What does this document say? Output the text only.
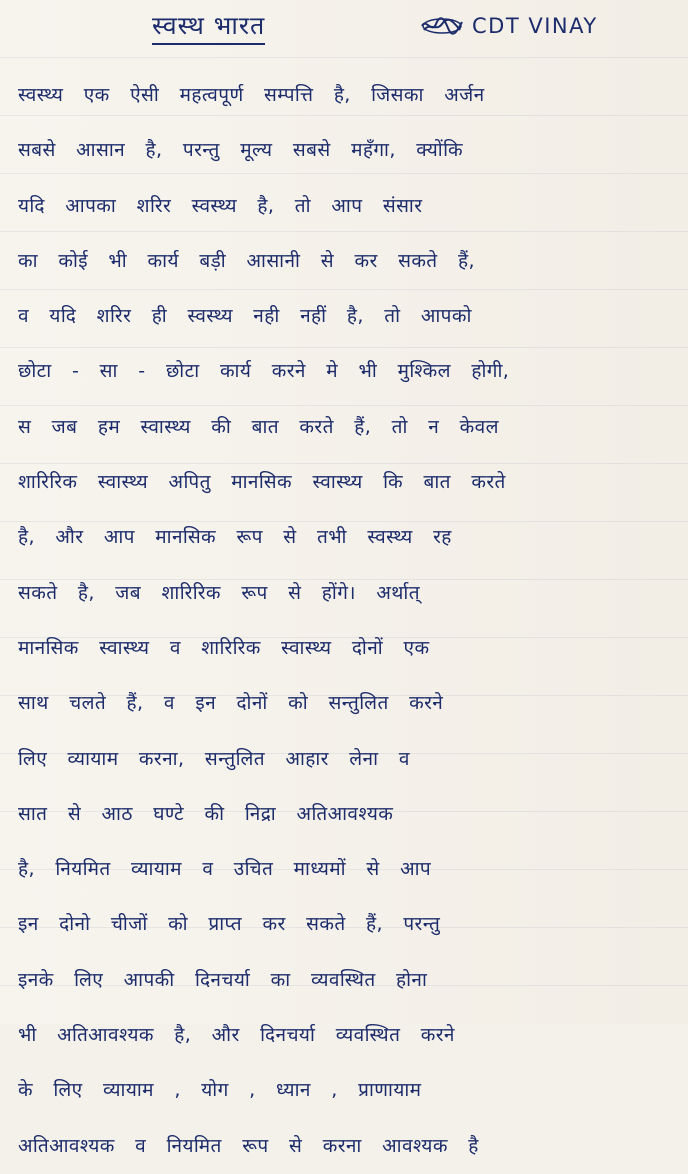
स्वस्थ भारत	CDT VINAY
स्वस्थ्य एक ऐसी महत्वपूर्ण सम्पत्ति है, जिसका अर्जन
सबसे आसान है, परन्तु मूल्य सबसे महँगा, क्योंकि
यदि आपका शरिर स्वस्थ्य है, तो आप संसार
का कोई भी कार्य बड़ी आसानी से कर सकते हैं,
व यदि शरिर ही स्वस्थ्य नही नहीं है, तो आपको
छोटा - सा - छोटा कार्य करने मे भी मुश्किल होगी,
स जब हम स्वास्थ्य की बात करते हैं, तो न केवल
शारिरिक स्वास्थ्य अपितु मानसिक स्वास्थ्य कि बात करते
है, और आप मानसिक रूप से तभी स्वस्थ्य रह
सकते है, जब शारिरिक रूप से होंगे। अर्थात्
मानसिक स्वास्थ्य व शारिरिक स्वास्थ्य दोनों एक
साथ चलते हैं, व इन दोनों को सन्तुलित करने
लिए व्यायाम करना, सन्तुलित आहार लेना व
सात से आठ घण्टे की निद्रा अतिआवश्यक
है, नियमित व्यायाम व उचित माध्यमों से आप
इन दोनो चीजों को प्राप्त कर सकते हैं, परन्तु
इनके लिए आपकी दिनचर्या का व्यवस्थित होना
भी अतिआवश्यक है, और दिनचर्या व्यवस्थित करने
के लिए व्यायाम , योग , ध्यान , प्राणायाम
अतिआवश्यक व नियमित रूप से करना आवश्यक है
